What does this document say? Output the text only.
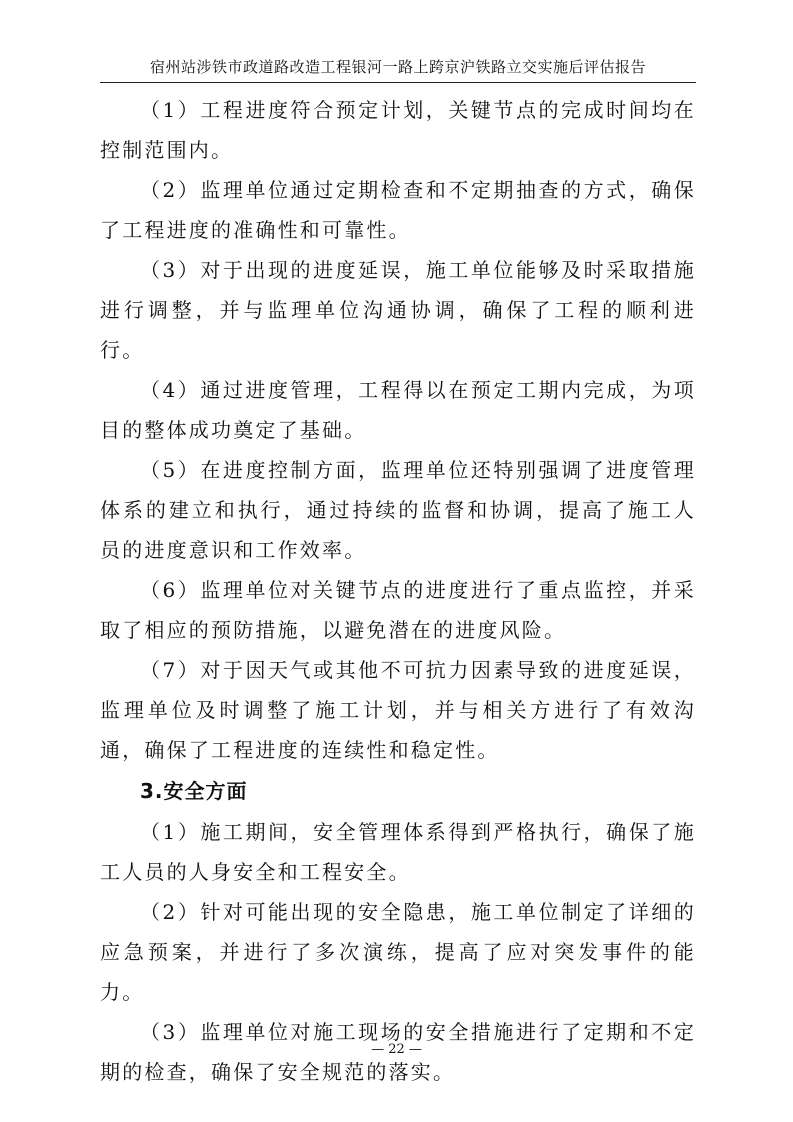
宿州站涉铁市政道路改造工程银河一路上跨京沪铁路立交实施后评估报告

（1）工程进度符合预定计划，关键节点的完成时间均在控制范围内。

（2）监理单位通过定期检查和不定期抽查的方式，确保了工程进度的准确性和可靠性。

（3）对于出现的进度延误，施工单位能够及时采取措施进行调整，并与监理单位沟通协调，确保了工程的顺利进行。

（4）通过进度管理，工程得以在预定工期内完成，为项目的整体成功奠定了基础。

（5）在进度控制方面，监理单位还特别强调了进度管理体系的建立和执行，通过持续的监督和协调，提高了施工人员的进度意识和工作效率。

（6）监理单位对关键节点的进度进行了重点监控，并采取了相应的预防措施，以避免潜在的进度风险。

（7）对于因天气或其他不可抗力因素导致的进度延误，监理单位及时调整了施工计划，并与相关方进行了有效沟通，确保了工程进度的连续性和稳定性。

3.安全方面

（1）施工期间，安全管理体系得到严格执行，确保了施工人员的人身安全和工程安全。

（2）针对可能出现的安全隐患，施工单位制定了详细的应急预案，并进行了多次演练，提高了应对突发事件的能力。

（3）监理单位对施工现场的安全措施进行了定期和不定期的检查，确保了安全规范的落实。

— 22 —
